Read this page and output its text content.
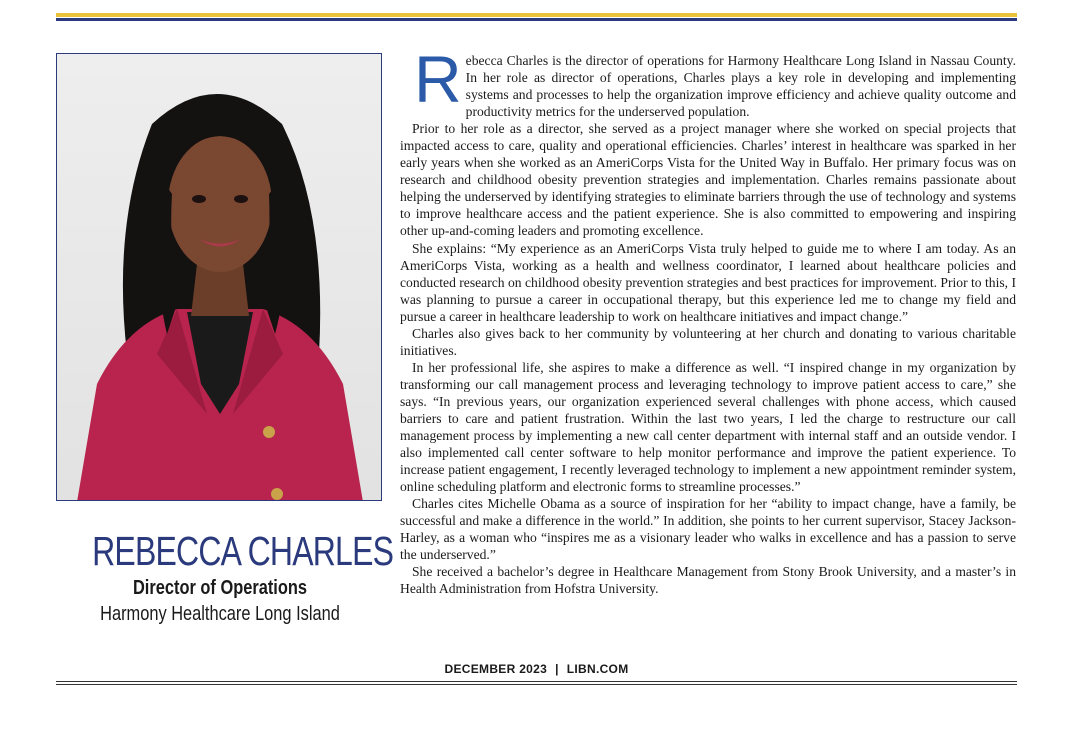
REBECCA CHARLES
Director of Operations
Harmony Healthcare Long Island

Rebecca Charles is the director of operations for Harmony Healthcare Long Island in Nassau County. In her role as director of operations, Charles plays a key role in developing and implementing systems and processes to help the organization improve efficiency and achieve quality outcome and productivity metrics for the underserved population.

Prior to her role as a director, she served as a project manager where she worked on special projects that impacted access to care, quality and operational efficiencies. Charles’ interest in healthcare was sparked in her early years when she worked as an AmeriCorps Vista for the United Way in Buffalo. Her primary focus was on research and childhood obesity prevention strategies and implementation. Charles remains passionate about helping the underserved by identifying strategies to eliminate barriers through the use of technology and systems to improve healthcare access and the patient experience. She is also committed to empowering and inspiring other up-and-coming leaders and promoting excellence.

She explains: “My experience as an AmeriCorps Vista truly helped to guide me to where I am today. As an AmeriCorps Vista, working as a health and wellness coordinator, I learned about healthcare policies and conducted research on childhood obesity prevention strategies and best practices for improvement. Prior to this, I was planning to pursue a career in occupational therapy, but this experience led me to change my field and pursue a career in healthcare leadership to work on healthcare initiatives and impact change.”

Charles also gives back to her community by volunteering at her church and donating to various charitable initiatives.

In her professional life, she aspires to make a difference as well. “I inspired change in my organization by transforming our call management process and leveraging technology to improve patient access to care,” she says. “In previous years, our organization experienced several challenges with phone access, which caused barriers to care and patient frustration. Within the last two years, I led the charge to restructure our call management process by implementing a new call center department with internal staff and an outside vendor. I also implemented call center software to help monitor performance and improve the patient experience. To increase patient engagement, I recently leveraged technology to implement a new appointment reminder system, online scheduling platform and electronic forms to streamline processes.”

Charles cites Michelle Obama as a source of inspiration for her “ability to impact change, have a family, be successful and make a difference in the world.” In addition, she points to her current supervisor, Stacey Jackson-Harley, as a woman who “inspires me as a visionary leader who walks in excellence and has a passion to serve the underserved.”

She received a bachelor’s degree in Healthcare Management from Stony Brook University, and a master’s in Health Administration from Hofstra University.

DECEMBER 2023 | LIBN.COM
